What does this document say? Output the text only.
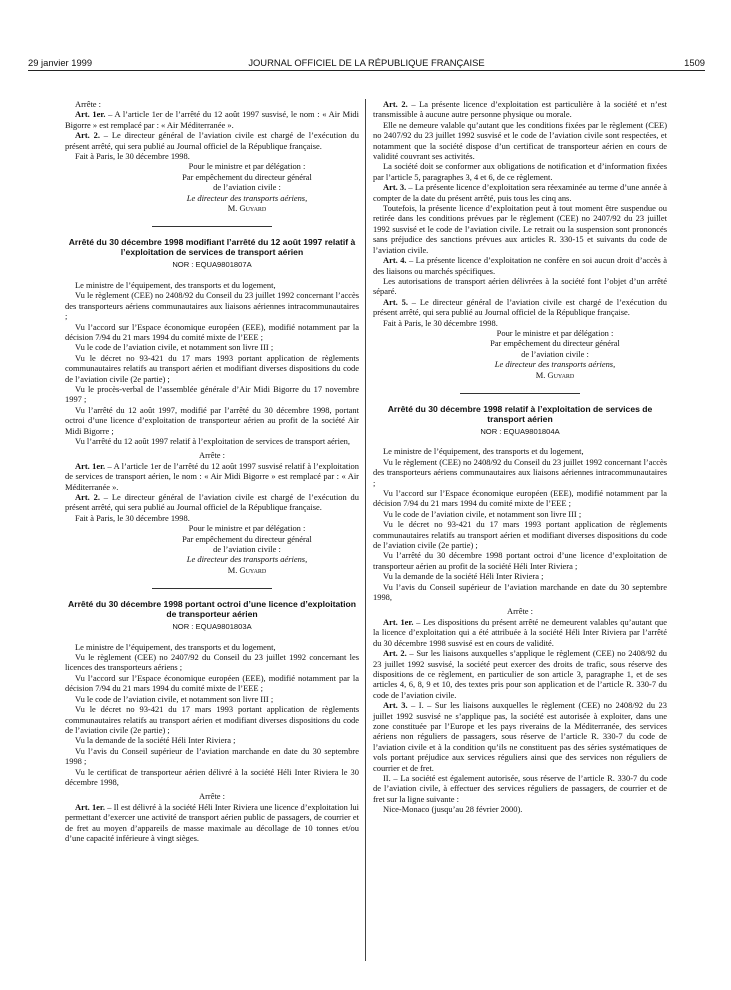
29 janvier 1999	JOURNAL OFFICIEL DE LA RÉPUBLIQUE FRANÇAISE	1509

Arrête :

Art. 1er. – A l’article 1er de l’arrêté du 12 août 1997 susvisé, le nom : « Air Midi Bigorre » est remplacé par : « Air Méditerranée ».

Art. 2. – Le directeur général de l’aviation civile est chargé de l’exécution du présent arrêté, qui sera publié au Journal officiel de la République française.

Fait à Paris, le 30 décembre 1998.

Pour le ministre et par délégation :

Par empêchement du directeur général

de l’aviation civile :

Le directeur des transports aériens,

M. Guyard

Arrêté du 30 décembre 1998 modifiant l’arrêté du 12 août 1997 relatif à l’exploitation de services de transport aérien

NOR : EQUA9801807A

Le ministre de l’équipement, des transports et du logement,

Vu le règlement (CEE) no 2408/92 du Conseil du 23 juillet 1992 concernant l’accès des transporteurs aériens communautaires aux liaisons aériennes intracommunautaires ;

Vu l’accord sur l’Espace économique européen (EEE), modifié notamment par la décision 7/94 du 21 mars 1994 du comité mixte de l’EEE ;

Vu le code de l’aviation civile, et notamment son livre III ;

Vu le décret no 93-421 du 17 mars 1993 portant application de règlements communautaires relatifs au transport aérien et modifiant diverses dispositions du code de l’aviation civile (2e partie) ;

Vu le procès-verbal de l’assemblée générale d’Air Midi Bigorre du 17 novembre 1997 ;

Vu l’arrêté du 12 août 1997, modifié par l’arrêté du 30 décembre 1998, portant octroi d’une licence d’exploitation de transporteur aérien au profit de la société Air Midi Bigorre ;

Vu l’arrêté du 12 août 1997 relatif à l’exploitation de services de transport aérien,

Arrête :

Art. 1er. – A l’article 1er de l’arrêté du 12 août 1997 susvisé relatif à l’exploitation de services de transport aérien, le nom : « Air Midi Bigorre » est remplacé par : « Air Méditerranée ».

Art. 2. – Le directeur général de l’aviation civile est chargé de l’exécution du présent arrêté, qui sera publié au Journal officiel de la République française.

Fait à Paris, le 30 décembre 1998.

Pour le ministre et par délégation :

Par empêchement du directeur général

de l’aviation civile :

Le directeur des transports aériens,

M. Guyard

Arrêté du 30 décembre 1998 portant octroi d’une licence d’exploitation de transporteur aérien

NOR : EQUA9801803A

Le ministre de l’équipement, des transports et du logement,

Vu le règlement (CEE) no 2407/92 du Conseil du 23 juillet 1992 concernant les licences des transporteurs aériens ;

Vu l’accord sur l’Espace économique européen (EEE), modifié notamment par la décision 7/94 du 21 mars 1994 du comité mixte de l’EEE ;

Vu le code de l’aviation civile, et notamment son livre III ;

Vu le décret no 93-421 du 17 mars 1993 portant application de règlements communautaires relatifs au transport aérien et modifiant diverses dispositions du code de l’aviation civile (2e partie) ;

Vu la demande de la société Héli Inter Riviera ;

Vu l’avis du Conseil supérieur de l’aviation marchande en date du 30 septembre 1998 ;

Vu le certificat de transporteur aérien délivré à la société Héli Inter Riviera le 30 décembre 1998,

Arrête :

Art. 1er. – Il est délivré à la société Héli Inter Riviera une licence d’exploitation lui permettant d’exercer une activité de transport aérien public de passagers, de courrier et de fret au moyen d’appareils de masse maximale au décollage de 10 tonnes et/ou d’une capacité inférieure à vingt sièges.

Art. 2. – La présente licence d’exploitation est particulière à la société et n’est transmissible à aucune autre personne physique ou morale.

Elle ne demeure valable qu’autant que les conditions fixées par le règlement (CEE) no 2407/92 du 23 juillet 1992 susvisé et le code de l’aviation civile sont respectées, et notamment que la société dispose d’un certificat de transporteur aérien en cours de validité couvrant ses activités.

La société doit se conformer aux obligations de notification et d’information fixées par l’article 5, paragraphes 3, 4 et 6, de ce règlement.

Art. 3. – La présente licence d’exploitation sera réexaminée au terme d’une année à compter de la date du présent arrêté, puis tous les cinq ans.

Toutefois, la présente licence d’exploitation peut à tout moment être suspendue ou retirée dans les conditions prévues par le règlement (CEE) no 2407/92 du 23 juillet 1992 susvisé et le code de l’aviation civile. Le retrait ou la suspension sont prononcés sans préjudice des sanctions prévues aux articles R. 330-15 et suivants du code de l’aviation civile.

Art. 4. – La présente licence d’exploitation ne confère en soi aucun droit d’accès à des liaisons ou marchés spécifiques.

Les autorisations de transport aérien délivrées à la société font l’objet d’un arrêté séparé.

Art. 5. – Le directeur général de l’aviation civile est chargé de l’exécution du présent arrêté, qui sera publié au Journal officiel de la République française.

Fait à Paris, le 30 décembre 1998.

Pour le ministre et par délégation :

Par empêchement du directeur général

de l’aviation civile :

Le directeur des transports aériens,

M. Guyard

Arrêté du 30 décembre 1998 relatif à l’exploitation de services de transport aérien

NOR : EQUA9801804A

Le ministre de l’équipement, des transports et du logement,

Vu le règlement (CEE) no 2408/92 du Conseil du 23 juillet 1992 concernant l’accès des transporteurs aériens communautaires aux liaisons aériennes intracommunautaires ;

Vu l’accord sur l’Espace économique européen (EEE), modifié notamment par la décision 7/94 du 21 mars 1994 du comité mixte de l’EEE ;

Vu le code de l’aviation civile, et notamment son livre III ;

Vu le décret no 93-421 du 17 mars 1993 portant application de règlements communautaires relatifs au transport aérien et modifiant diverses dispositions du code de l’aviation civile (2e partie) ;

Vu l’arrêté du 30 décembre 1998 portant octroi d’une licence d’exploitation de transporteur aérien au profit de la société Héli Inter Riviera ;

Vu la demande de la société Héli Inter Riviera ;

Vu l’avis du Conseil supérieur de l’aviation marchande en date du 30 septembre 1998,

Arrête :

Art. 1er. – Les dispositions du présent arrêté ne demeurent valables qu’autant que la licence d’exploitation qui a été attribuée à la société Héli Inter Riviera par l’arrêté du 30 décembre 1998 susvisé est en cours de validité.

Art. 2. – Sur les liaisons auxquelles s’applique le règlement (CEE) no 2408/92 du 23 juillet 1992 susvisé, la société peut exercer des droits de trafic, sous réserve des dispositions de ce règlement, en particulier de son article 3, paragraphe 1, et de ses articles 4, 6, 8, 9 et 10, des textes pris pour son application et de l’article R. 330-7 du code de l’aviation civile.

Art. 3. – I. – Sur les liaisons auxquelles le règlement (CEE) no 2408/92 du 23 juillet 1992 susvisé ne s’applique pas, la société est autorisée à exploiter, dans une zone constituée par l’Europe et les pays riverains de la Méditerranée, des services aériens non réguliers de passagers, sous réserve de l’article R. 330-7 du code de l’aviation civile et à la condition qu’ils ne constituent pas des séries systématiques de vols portant préjudice aux services réguliers ainsi que des services non réguliers de courrier et de fret.

II. – La société est également autorisée, sous réserve de l’article R. 330-7 du code de l’aviation civile, à effectuer des services réguliers de passagers, de courrier et de fret sur la ligne suivante :

Nice-Monaco (jusqu’au 28 février 2000).
